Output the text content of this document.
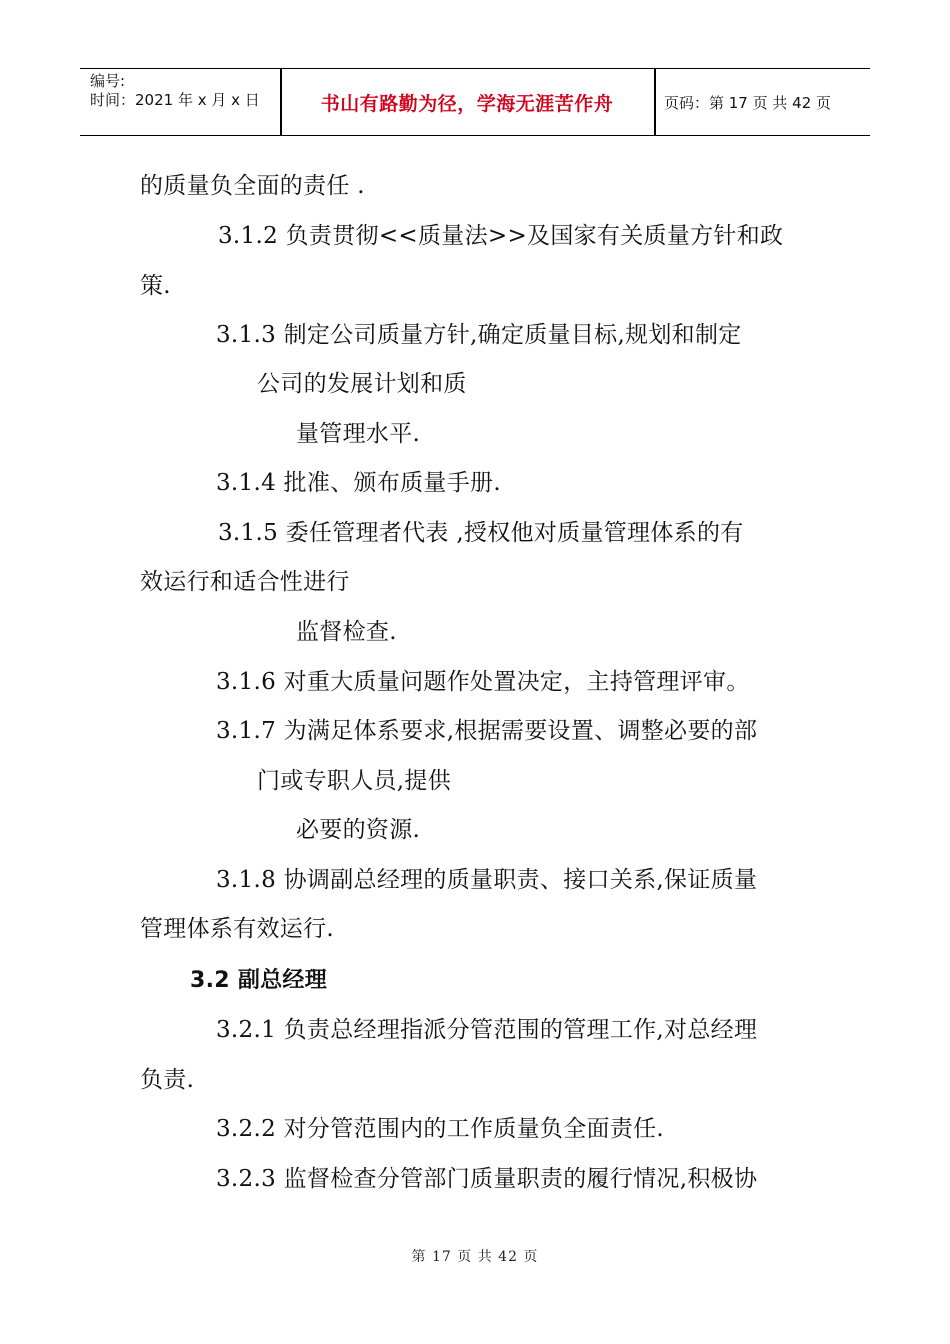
编号:
时间：2021 年 x 月 x 日	书山有路勤为径，学海无涯苦作舟	页码：第 17 页 共 42 页
的质量负全面的责任 .
3.1.2 负责贯彻<<质量法>>及国家有关质量方针和政
策.
3.1.3 制定公司质量方针,确定质量目标,规划和制定
公司的发展计划和质
量管理水平.
3.1.4 批准、颁布质量手册.
3.1.5 委任管理者代表 ,授权他对质量管理体系的有
效运行和适合性进行
监督检查.
3.1.6 对重大质量问题作处置决定，主持管理评审。
3.1.7 为满足体系要求,根据需要设置、调整必要的部
门或专职人员,提供
必要的资源.
3.1.8 协调副总经理的质量职责、接口关系,保证质量
管理体系有效运行.
3.2 副总经理
3.2.1 负责总经理指派分管范围的管理工作,对总经理
负责.
3.2.2 对分管范围内的工作质量负全面责任.
3.2.3 监督检查分管部门质量职责的履行情况,积极协
第 17 页 共 42 页
